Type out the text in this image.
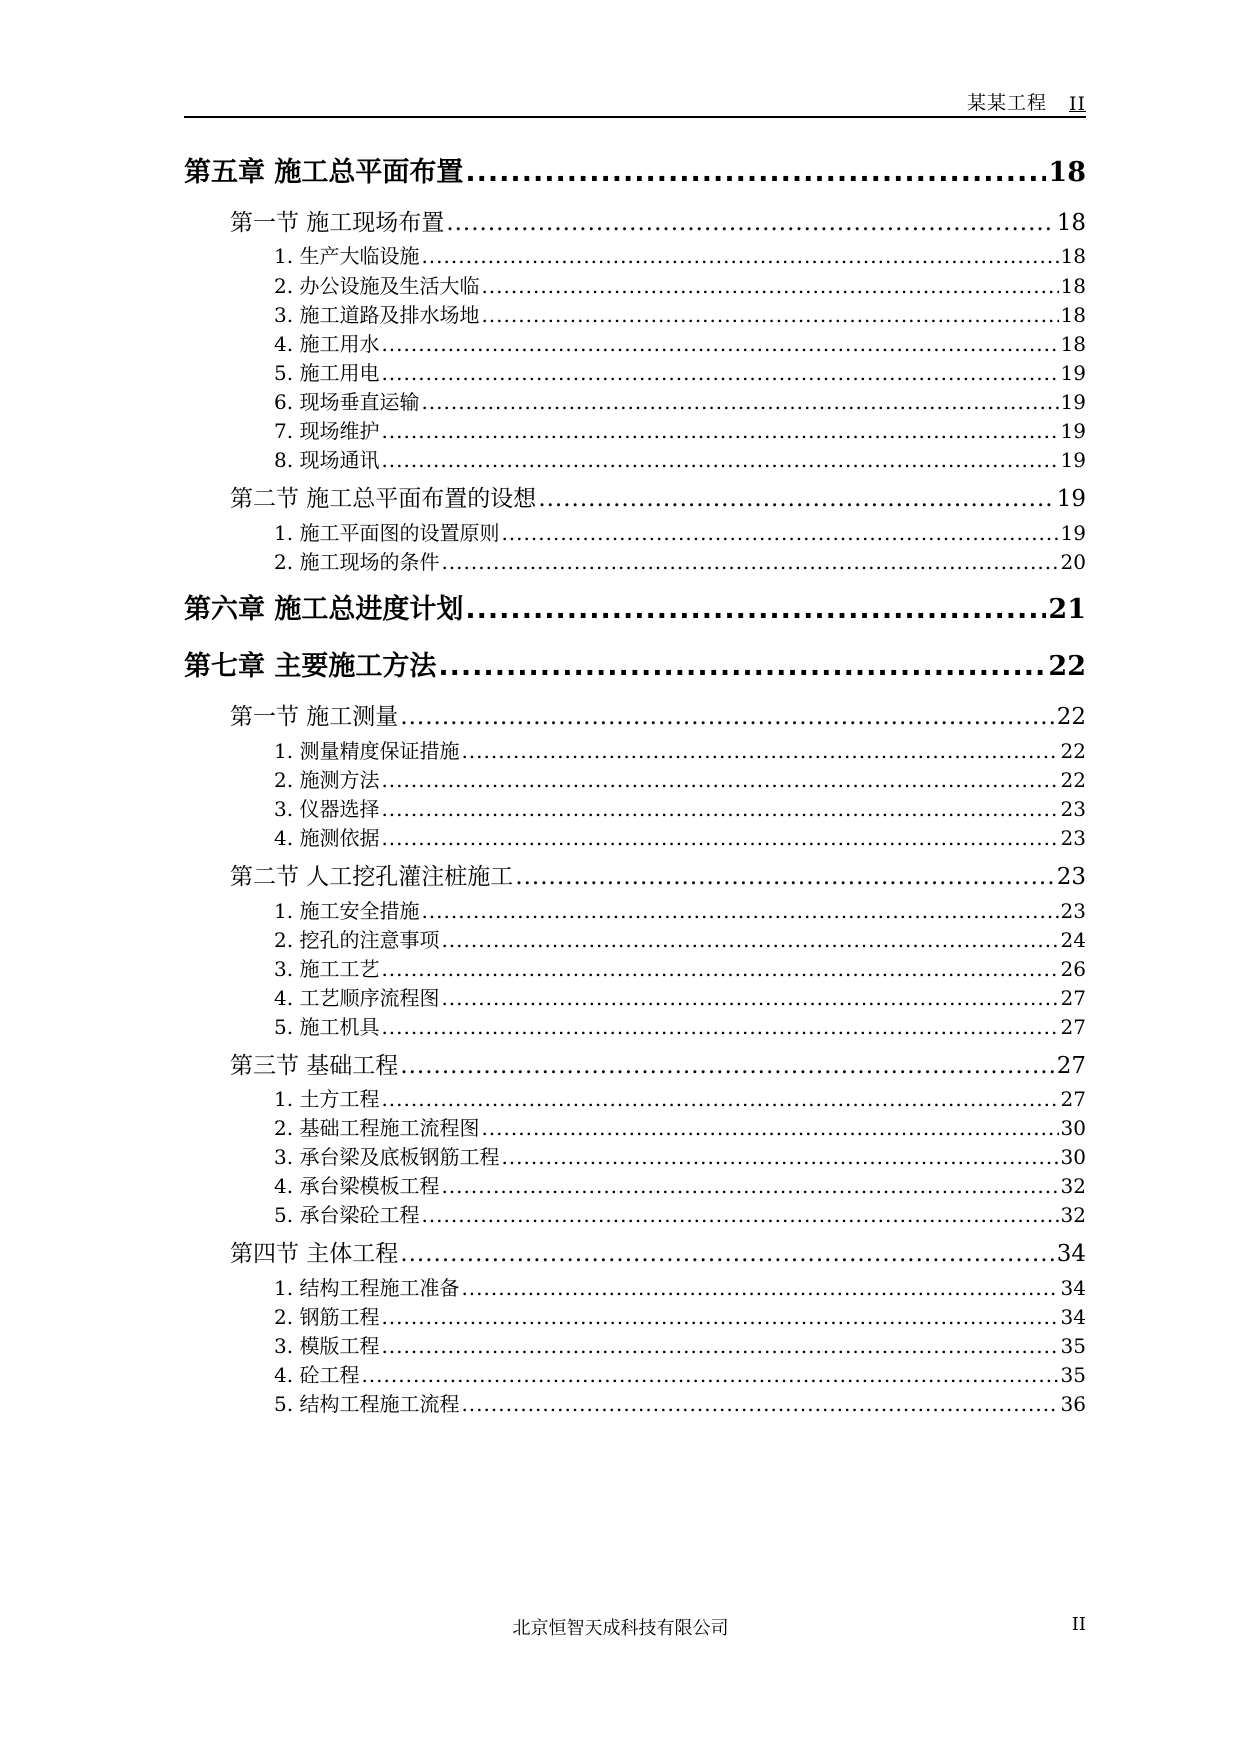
某某工程 II
第五章 施工总平面布置 .....	18
第一节 施工现场布置 .....	18
1. 生产大临设施 .....	18
2. 办公设施及生活大临 .....	18
3. 施工道路及排水场地 .....	18
4. 施工用水 .....	18
5. 施工用电 .....	19
6. 现场垂直运输 .....	19
7. 现场维护 .....	19
8. 现场通讯 .....	19
第二节 施工总平面布置的设想 .....	19
1. 施工平面图的设置原则 .....	19
2. 施工现场的条件 .....	20
第六章 施工总进度计划 .....	21
第七章 主要施工方法 .....	22
第一节 施工测量 .....	22
1. 测量精度保证措施 .....	22
2. 施测方法 .....	22
3. 仪器选择 .....	23
4. 施测依据 .....	23
第二节 人工挖孔灌注桩施工 .....	23
1. 施工安全措施 .....	23
2. 挖孔的注意事项 .....	24
3. 施工工艺 .....	26
4. 工艺顺序流程图 .....	27
5. 施工机具 .....	27
第三节 基础工程 .....	27
1. 土方工程 .....	27
2. 基础工程施工流程图 .....	30
3. 承台梁及底板钢筋工程 .....	30
4. 承台梁模板工程 .....	32
5. 承台梁砼工程 .....	32
第四节 主体工程 .....	34
1. 结构工程施工准备 .....	34
2. 钢筋工程 .....	34
3. 模版工程 .....	35
4. 砼工程 .....	35
5. 结构工程施工流程 .....	36
北京恒智天成科技有限公司	II
